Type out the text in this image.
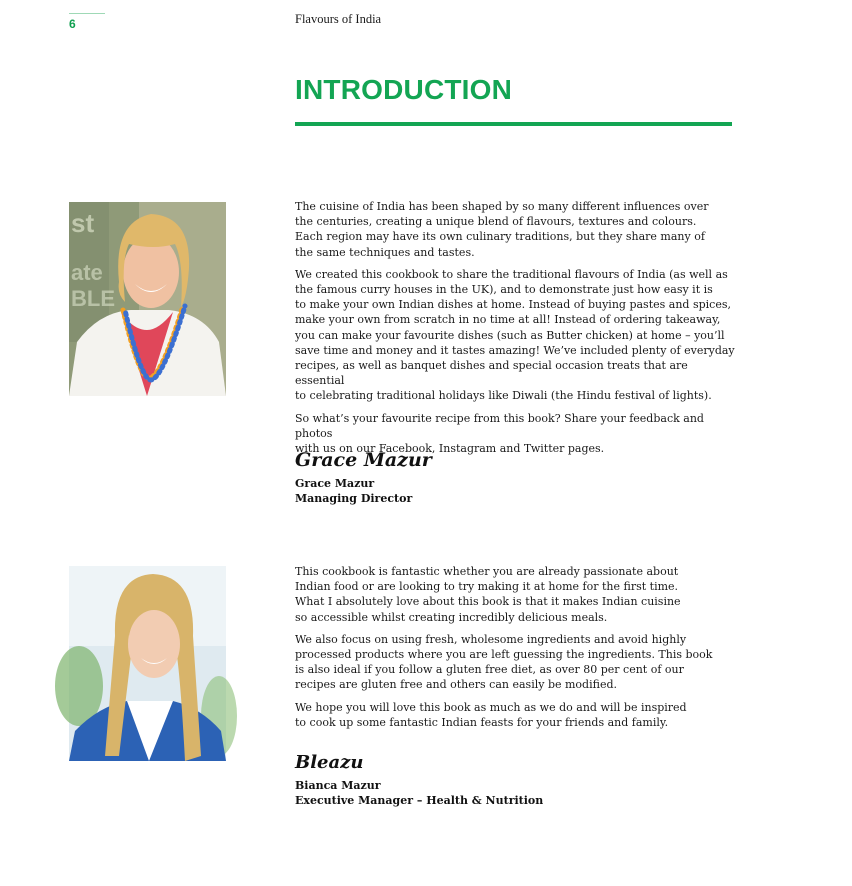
6	Flavours of India
INTRODUCTION
st
ate
BLE

The cuisine of India has been shaped by so many different influences over
the centuries, creating a unique blend of flavours, textures and colours.
Each region may have its own culinary traditions, but they share many of
the same techniques and tastes.

We created this cookbook to share the traditional flavours of India (as well as
the famous curry houses in the UK), and to demonstrate just how easy it is
to make your own Indian dishes at home. Instead of buying pastes and spices,
make your own from scratch in no time at all! Instead of ordering takeaway,
you can make your favourite dishes (such as Butter chicken) at home – you’ll
save time and money and it tastes amazing! We’ve included plenty of everyday
recipes, as well as banquet dishes and special occasion treats that are essential
to celebrating traditional holidays like Diwali (the Hindu festival of lights).

So what’s your favourite recipe from this book? Share your feedback and photos
with us on our Facebook, Instagram and Twitter pages.

Grace Mazur
Grace Mazur
Managing Director

This cookbook is fantastic whether you are already passionate about
Indian food or are looking to try making it at home for the first time.
What I absolutely love about this book is that it makes Indian cuisine
so accessible whilst creating incredibly delicious meals.

We also focus on using fresh, wholesome ingredients and avoid highly
processed products where you are left guessing the ingredients. This book
is also ideal if you follow a gluten free diet, as over 80 per cent of our
recipes are gluten free and others can easily be modified.

We hope you will love this book as much as we do and will be inspired
to cook up some fantastic Indian feasts for your friends and family.

Bleazu
Bianca Mazur
Executive Manager – Health & Nutrition
